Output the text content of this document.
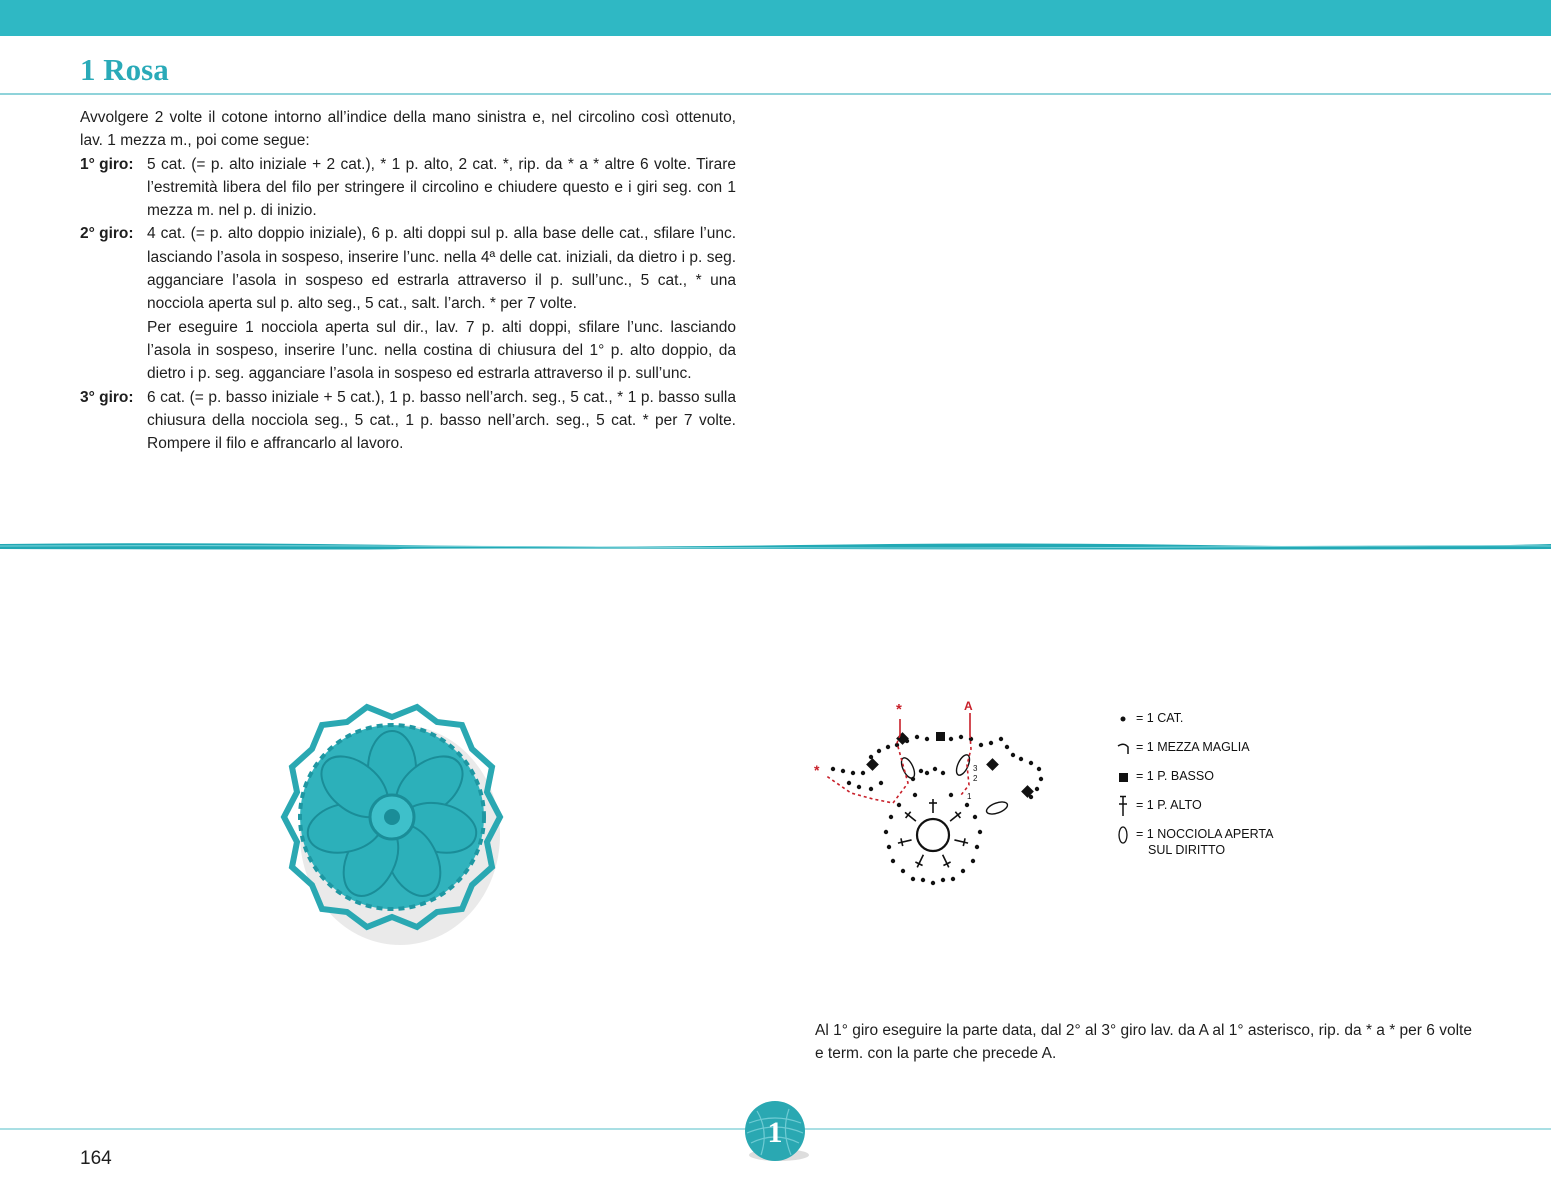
1 Rosa

Avvolgere 2 volte il cotone intorno all’indice della mano sinistra e, nel circolino così ottenuto, lav. 1 mezza m., poi come segue:

1° giro: 5 cat. (= p. alto iniziale + 2 cat.), * 1 p. alto, 2 cat. *, rip. da * a * altre 6 volte. Tirare l’estremità libera del filo per stringere il circolino e chiudere questo e i giri seg. con 1 mezza m. nel p. di inizio.

2° giro: 4 cat. (= p. alto doppio iniziale), 6 p. alti doppi sul p. alla base delle cat., sfilare l’unc. lasciando l’asola in sospeso, inserire l’unc. nella 4ª delle cat. iniziali, da dietro i p. seg. agganciare l’asola in sospeso ed estrarla attraverso il p. sull’unc., 5 cat., * una nocciola aperta sul p. alto seg., 5 cat., salt. l’arch. * per 7 volte.

Per eseguire 1 nocciola aperta sul dir., lav. 7 p. alti doppi, sfilare l’unc. lasciando l’asola in sospeso, inserire l’unc. nella costina di chiusura del 1° p. alto doppio, da dietro i p. seg. agganciare l’asola in sospeso ed estrarla attraverso il p. sull’unc.

3° giro: 6 cat. (= p. basso iniziale + 5 cat.), 1 p. basso nell’arch. seg., 5 cat., * 1 p. basso sulla chiusura della nocciola seg., 5 cat., 1 p. basso nell’arch. seg., 5 cat. * per 7 volte. Rompere il filo e affrancarlo al lavoro.

*	A
*	3
2
1
= 1 CAT.
= 1 MEZZA MAGLIA
= 1 P. BASSO
= 1 P. ALTO
= 1 NOCCIOLA APERTA
SUL DIRITTO

Al 1° giro eseguire la parte data, dal 2° al 3° giro lav. da A al 1° asterisco, rip. da * a * per 6 volte e term. con la parte che precede A.

1

164
